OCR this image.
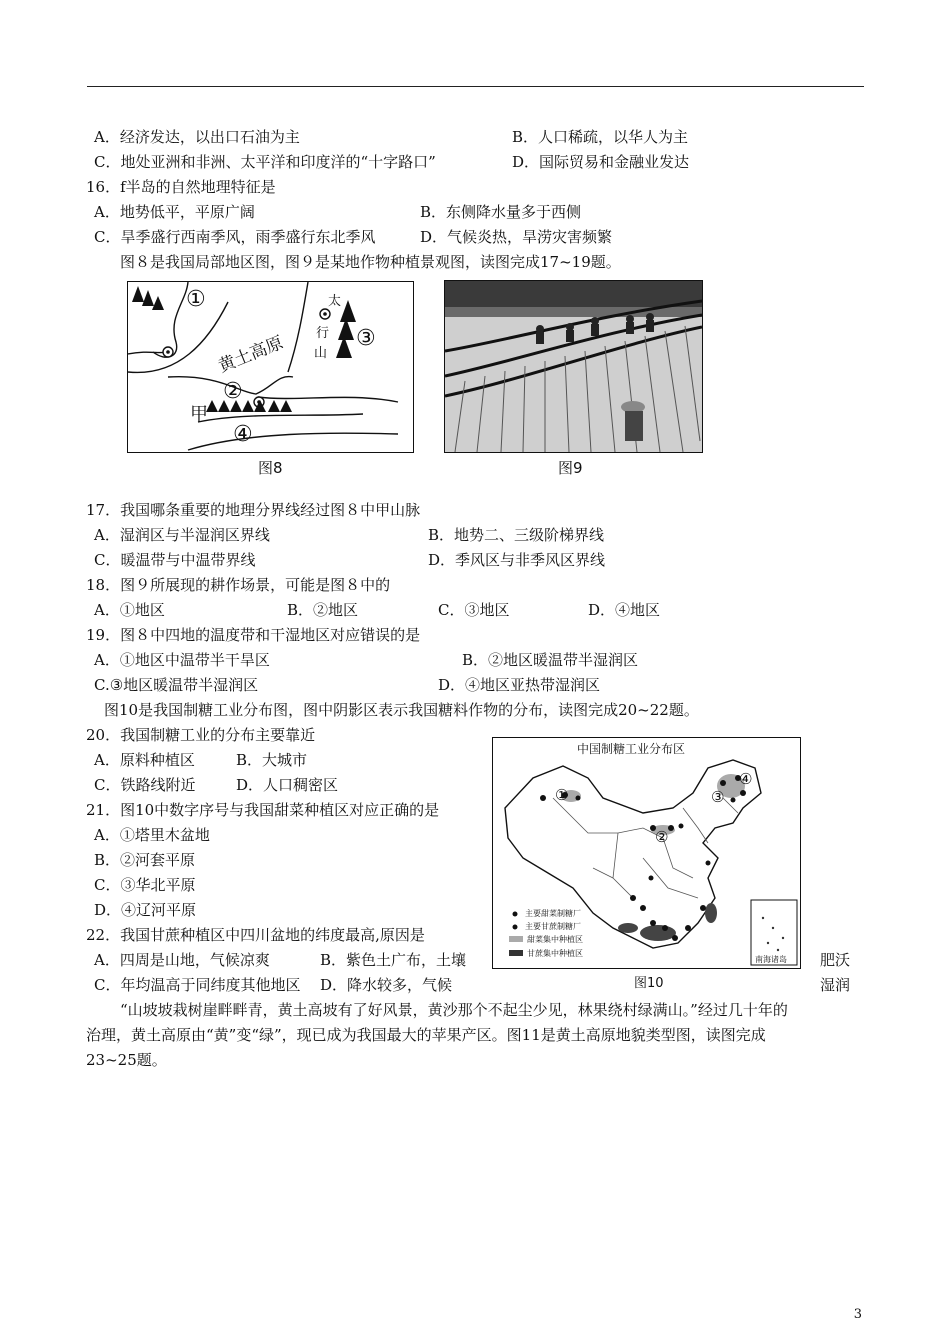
A．经济发达，以出口石油为主	B．人口稀疏，以华人为主
C．地处亚洲和非洲、太平洋和印度洋的“十字路口”	D．国际贸易和金融业发达
16．f半岛的自然地理特征是
A．地势低平，平原广阔	B．东侧降水量多于西侧
C．旱季盛行西南季风，雨季盛行东北季风	D．气候炎热，旱涝灾害频繁
图８是我国局部地区图，图９是某地作物种植景观图，读图完成17~19题。
①
黄土高原
太
行
山
③
②
甲
④
图8	图9
17．我国哪条重要的地理分界线经过图８中甲山脉
A．湿润区与半湿润区界线	B．地势二、三级阶梯界线
C．暖温带与中温带界线	D．季风区与非季风区界线
18．图９所展现的耕作场景，可能是图８中的
A．①地区	B．②地区	C．③地区	D．④地区
19．图８中四地的温度带和干湿地区对应错误的是
A．①地区中温带半干旱区	B．②地区暖温带半湿润区
C.③地区暖温带半湿润区	D．④地区亚热带湿润区
图10是我国制糖工业分布图，图中阴影区表示我国糖料作物的分布，读图完成20~22题。
20．我国制糖工业的分布主要靠近
A．原料种植区	B．大城市
C．铁路线附近	D．人口稠密区
21．图10中数字序号与我国甜菜种植区对应正确的是
A．①塔里木盆地
B．②河套平原
C．③华北平原
D．④辽河平原
22．我国甘蔗种植区中四川盆地的纬度最高,原因是
A．四周是山地，气候凉爽	B．紫色土广布，土壤	肥沃
C．年均温高于同纬度其他地区 D．降水较多，气候	湿润
中国制糖工业分布区
①
②
③
④
主要甜菜制糖厂
主要甘蔗制糖厂
甜菜集中种植区
甘蔗集中种植区
南海诸岛
图10
“山坡坡栽树崖畔畔青，黄土高坡有了好风景，黄沙那个不起尘少见，林果绕村绿满山。”经过几十年的
治理，黄土高原由“黄”变“绿”，现已成为我国最大的苹果产区。图11是黄土高原地貌类型图，读图完成
23~25题。
3
